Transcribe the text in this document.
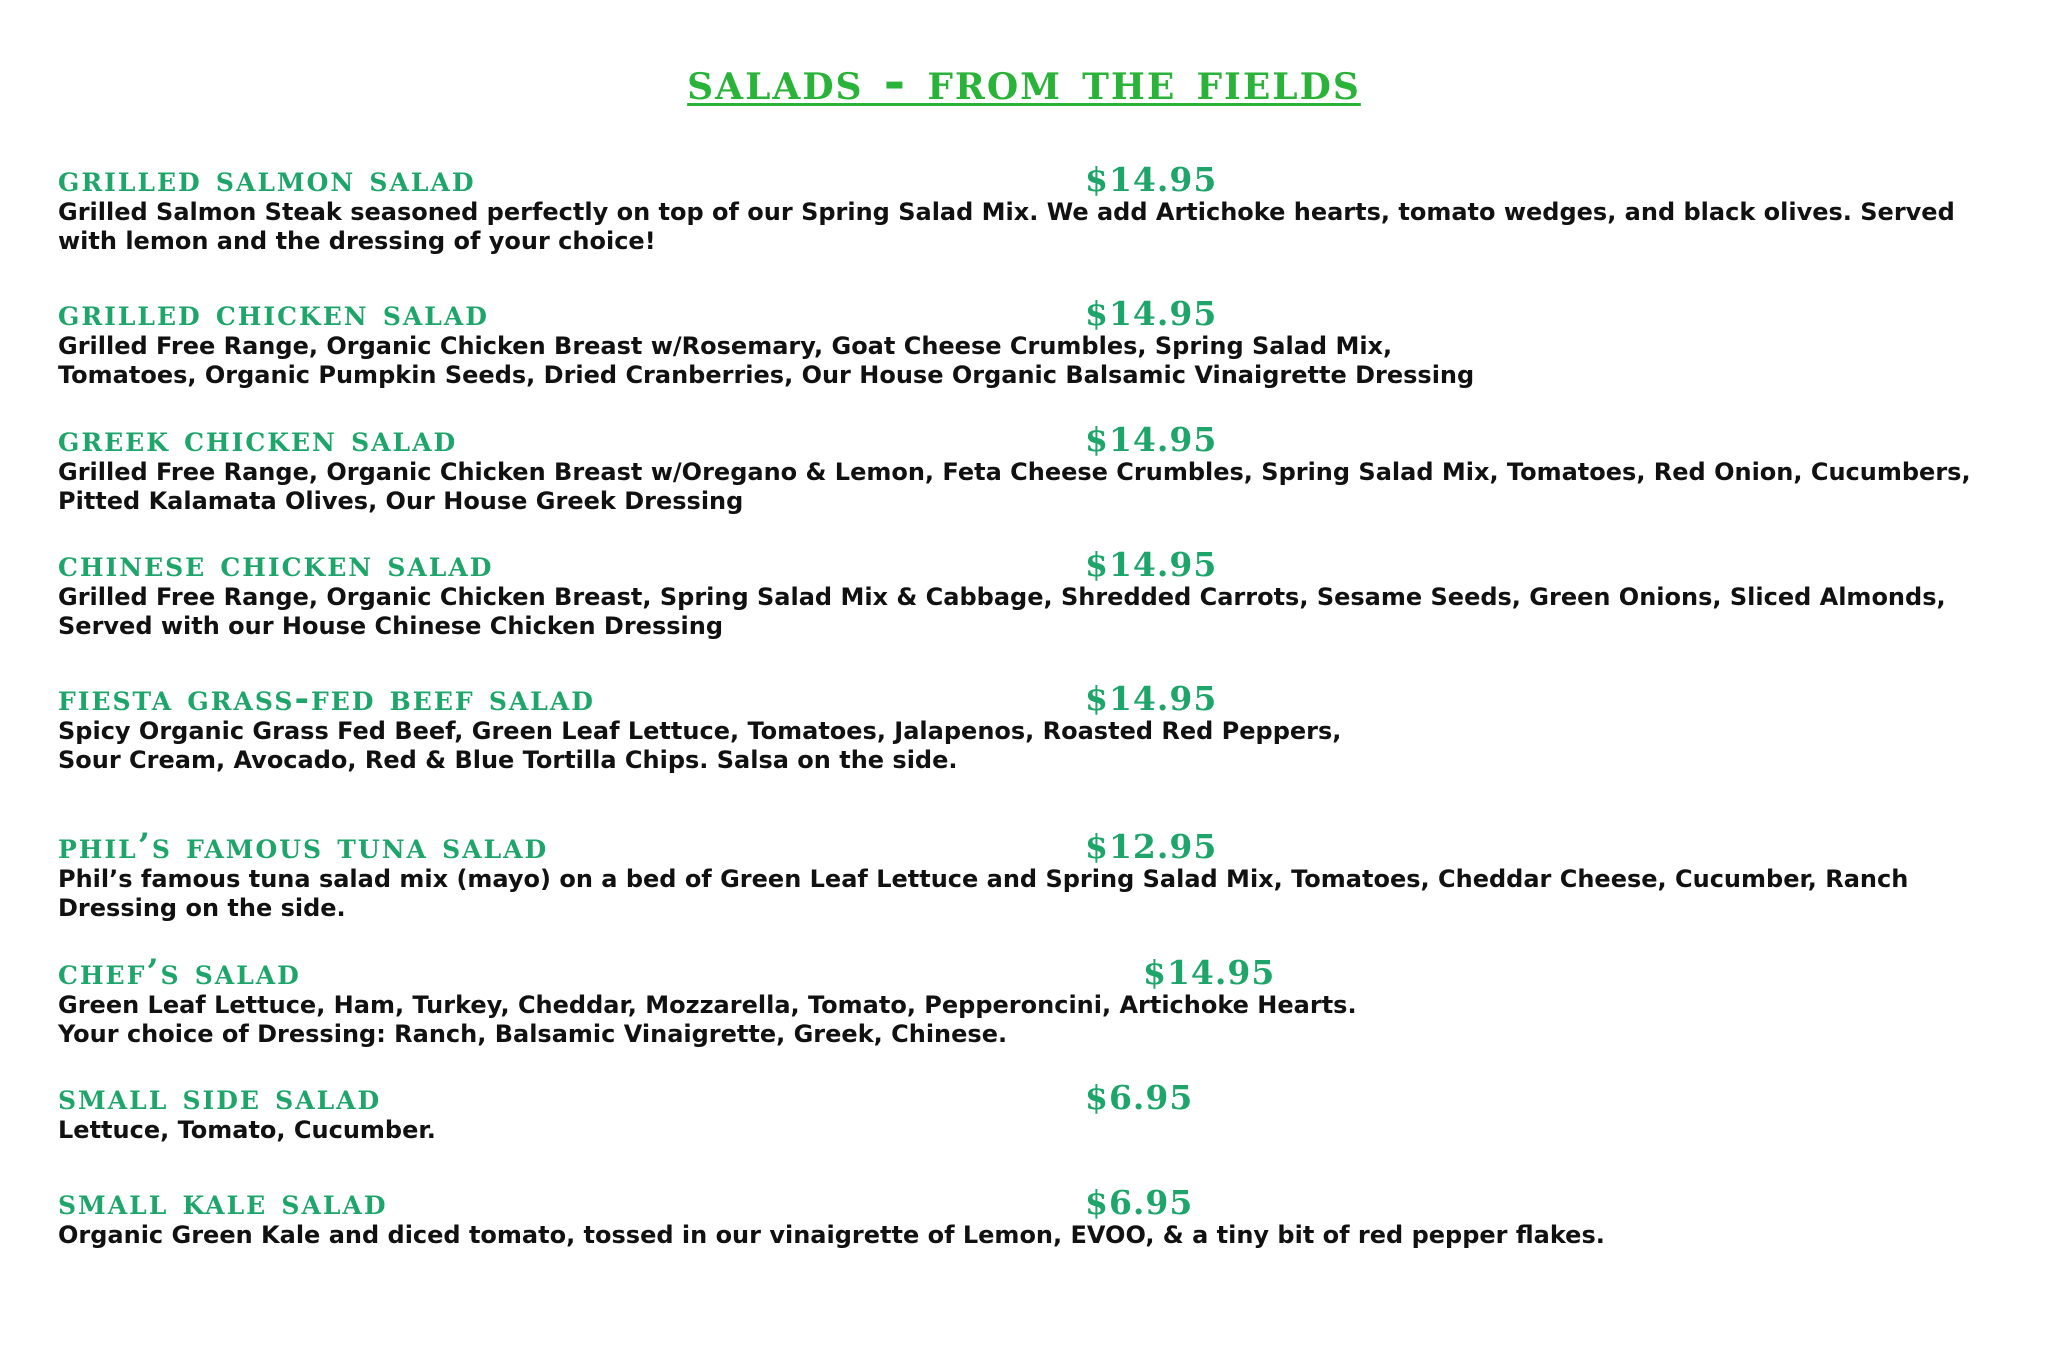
salads - from the fields
grilled salmon salad	$14.95

Grilled Salmon Steak seasoned perfectly on top of our Spring Salad Mix. We add Artichoke hearts, tomato wedges, and black olives. Served with lemon and the dressing of your choice!

grilled chicken salad	$14.95

Grilled Free Range, Organic Chicken Breast w/Rosemary, Goat Cheese Crumbles, Spring Salad Mix,
Tomatoes, Organic Pumpkin Seeds, Dried Cranberries, Our House Organic Balsamic Vinaigrette Dressing

greek chicken salad	$14.95

Grilled Free Range, Organic Chicken Breast w/Oregano & Lemon, Feta Cheese Crumbles, Spring Salad Mix, Tomatoes, Red Onion, Cucumbers, Pitted Kalamata Olives, Our House Greek Dressing

chinese chicken salad	$14.95

Grilled Free Range, Organic Chicken Breast, Spring Salad Mix & Cabbage, Shredded Carrots, Sesame Seeds, Green Onions, Sliced Almonds, Served with our House Chinese Chicken Dressing

fiesta grass-fed beef salad	$14.95

Spicy Organic Grass Fed Beef, Green Leaf Lettuce, Tomatoes, Jalapenos, Roasted Red Peppers,
Sour Cream, Avocado, Red & Blue Tortilla Chips. Salsa on the side.

phil’s famous tuna salad	$12.95

Phil’s famous tuna salad mix (mayo) on a bed of Green Leaf Lettuce and Spring Salad Mix, Tomatoes, Cheddar Cheese, Cucumber, Ranch Dressing on the side.

chef’s salad	$14.95

Green Leaf Lettuce, Ham, Turkey, Cheddar, Mozzarella, Tomato, Pepperoncini, Artichoke Hearts.
Your choice of Dressing: Ranch, Balsamic Vinaigrette, Greek, Chinese.

small side salad	$6.95

Lettuce, Tomato, Cucumber.

small kale salad	$6.95

Organic Green Kale and diced tomato, tossed in our vinaigrette of Lemon, EVOO, & a tiny bit of red pepper flakes.
